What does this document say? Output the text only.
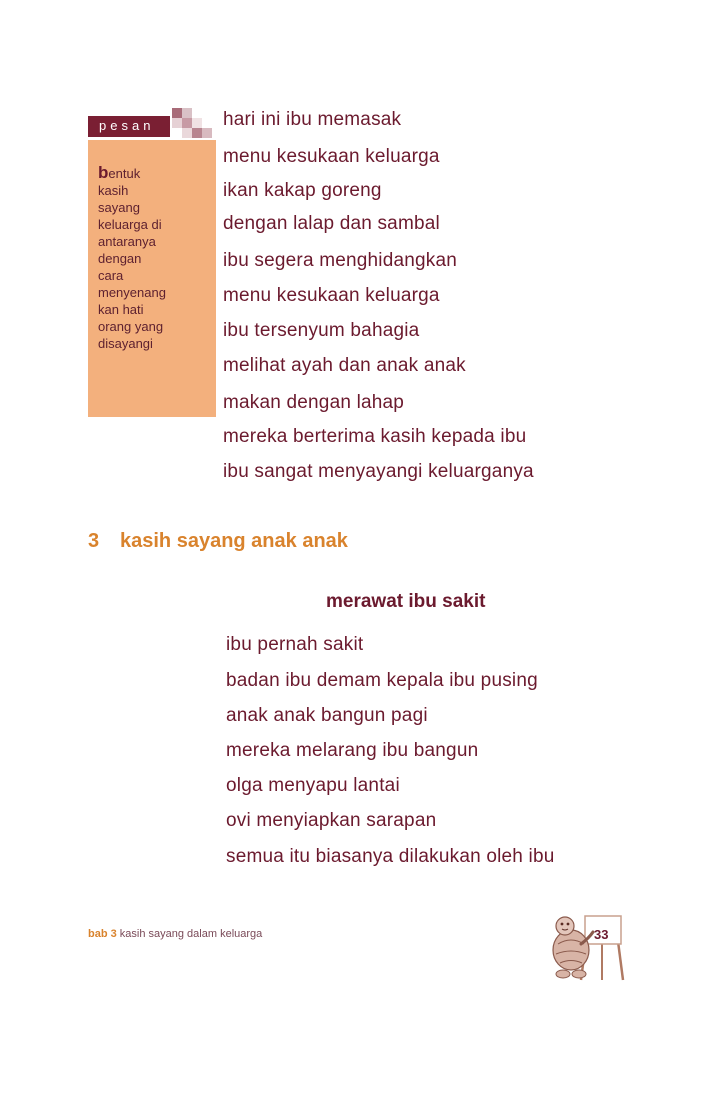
pesan
bentuk
kasih
sayang
keluarga di
antaranya
dengan
cara
menyenang
kan hati
orang yang
disayangi
hari ini ibu memasak
menu kesukaan keluarga
ikan kakap goreng
dengan lalap dan sambal
ibu segera menghidangkan
menu kesukaan keluarga
ibu tersenyum bahagia
melihat ayah dan anak anak
makan dengan lahap
mereka berterima kasih kepada ibu
ibu sangat menyayangi keluarganya
3 kasih sayang anak anak
merawat ibu sakit
ibu pernah sakit
badan ibu demam kepala ibu pusing
anak anak bangun pagi
mereka melarang ibu bangun
olga menyapu lantai
ovi menyiapkan sarapan
semua itu biasanya dilakukan oleh ibu
bab 3 kasih sayang dalam keluarga	33
